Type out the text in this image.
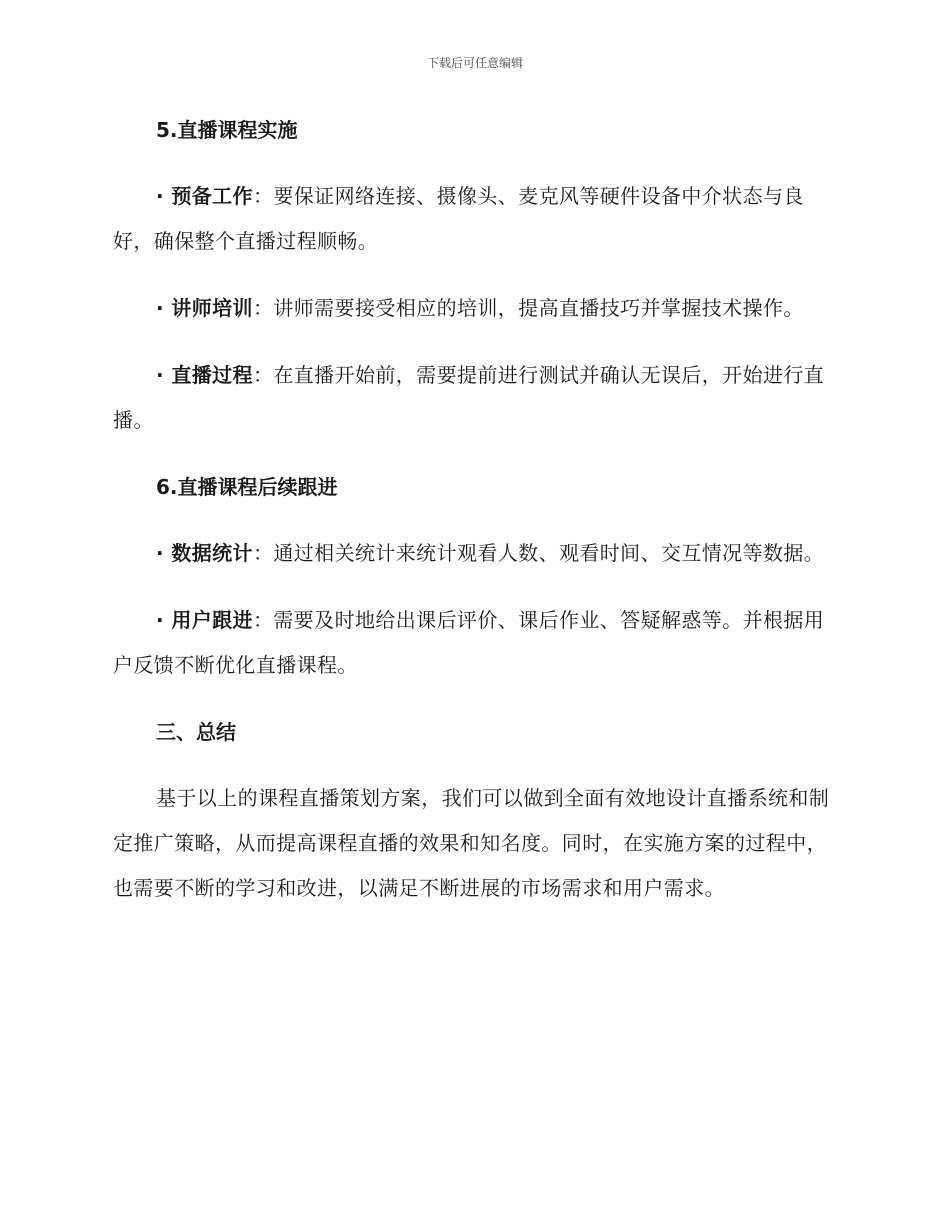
下载后可任意编辑
5.直播课程实施

· 预备工作：要保证网络连接、摄像头、麦克风等硬件设备中介状态与良好，确保整个直播过程顺畅。

· 讲师培训：讲师需要接受相应的培训，提高直播技巧并掌握技术操作。

· 直播过程：在直播开始前，需要提前进行测试并确认无误后，开始进行直播。

6.直播课程后续跟进

· 数据统计：通过相关统计来统计观看人数、观看时间、交互情况等数据。

· 用户跟进：需要及时地给出课后评价、课后作业、答疑解惑等。并根据用户反馈不断优化直播课程。

三、总结

基于以上的课程直播策划方案，我们可以做到全面有效地设计直播系统和制定推广策略，从而提高课程直播的效果和知名度。同时，在实施方案的过程中，也需要不断的学习和改进，以满足不断进展的市场需求和用户需求。
